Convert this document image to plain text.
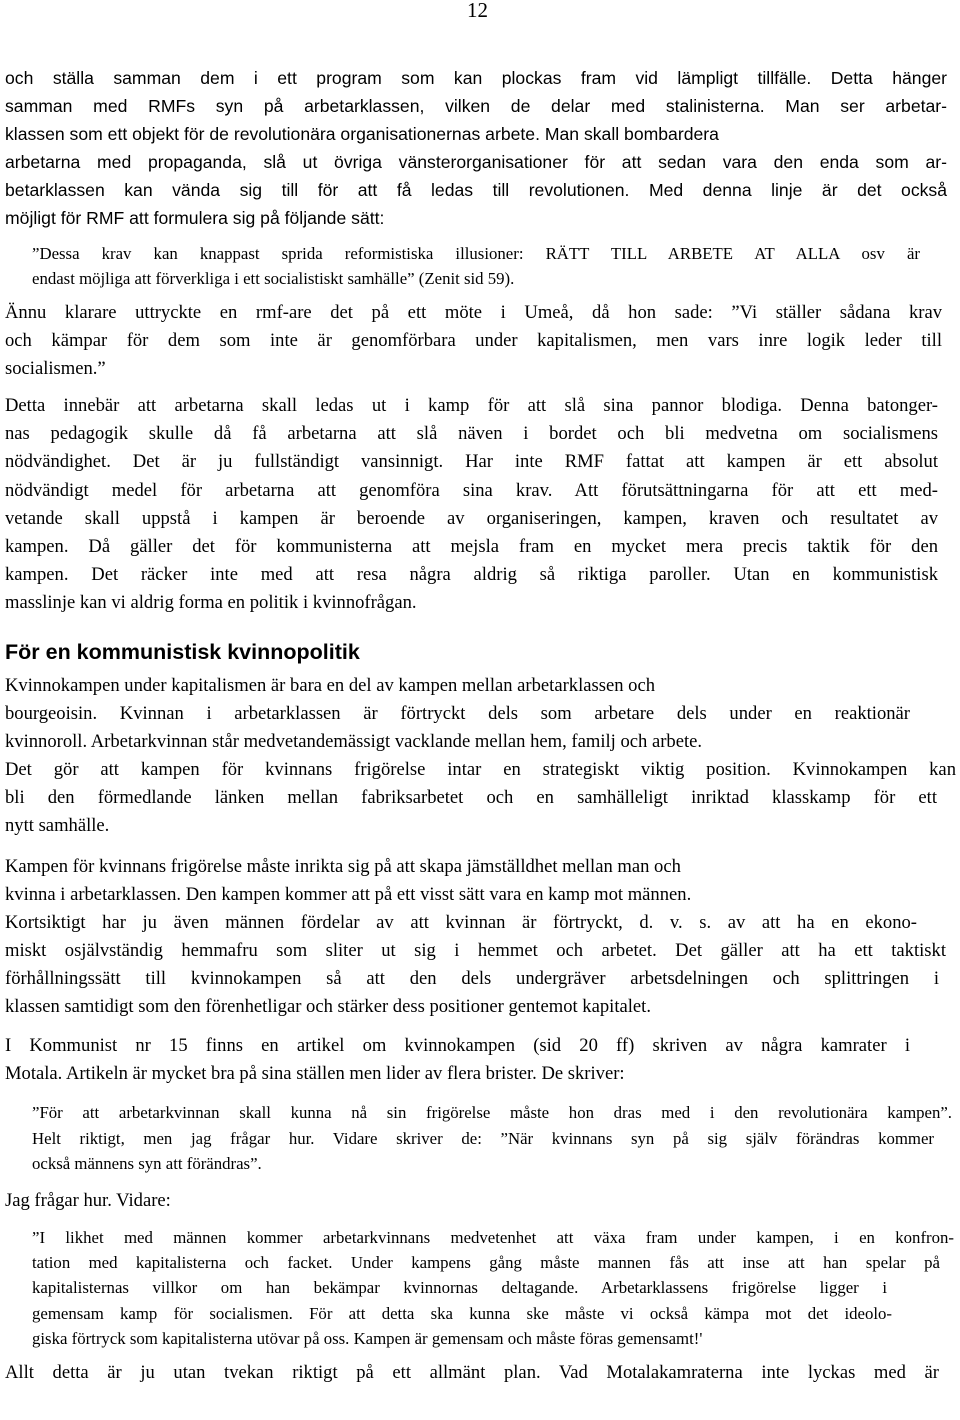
12
och ställa samman dem i ett program som kan plockas fram vid lämpligt tillfälle. Detta hänger
samman med RMFs syn på arbetarklassen, vilken de delar med stalinisterna. Man ser arbetar-
klassen som ett objekt för de revolutionära organisationernas arbete. Man skall bombardera
arbetarna med propaganda, slå ut övriga vänsterorganisationer för att sedan vara den enda som ar-
betarklassen kan vända sig till för att få ledas till revolutionen. Med denna linje är det också
möjligt för RMF att formulera sig på följande sätt:
”Dessa krav kan knappast sprida reformistiska illusioner: RÄTT TILL ARBETE AT ALLA osv är
endast möjliga att förverkliga i ett socialistiskt samhälle” (Zenit sid 59).
Ännu klarare uttryckte en rmf-are det på ett möte i Umeå, då hon sade: ”Vi ställer sådana krav
och kämpar för dem som inte är genomförbara under kapitalismen, men vars inre logik leder till
socialismen.”
Detta innebär att arbetarna skall ledas ut i kamp för att slå sina pannor blodiga. Denna batonger-
nas pedagogik skulle då få arbetarna att slå näven i bordet och bli medvetna om socialismens
nödvändighet. Det är ju fullständigt vansinnigt. Har inte RMF fattat att kampen är ett absolut
nödvändigt medel för arbetarna att genomföra sina krav. Att förutsättningarna för att ett med-
vetande skall uppstå i kampen är beroende av organiseringen, kampen, kraven och resultatet av
kampen. Då gäller det för kommunisterna att mejsla fram en mycket mera precis taktik för den
kampen. Det räcker inte med att resa några aldrig så riktiga paroller. Utan en kommunistisk
masslinje kan vi aldrig forma en politik i kvinnofrågan.
För en kommunistisk kvinnopolitik
Kvinnokampen under kapitalismen är bara en del av kampen mellan arbetarklassen och
bourgeoisin. Kvinnan i arbetarklassen är förtryckt dels som arbetare dels under en reaktionär
kvinnoroll. Arbetarkvinnan står medvetandemässigt vacklande mellan hem, familj och arbete.
Det gör att kampen för kvinnans frigörelse intar en strategiskt viktig position. Kvinnokampen kan
bli den förmedlande länken mellan fabriksarbetet och en samhälleligt inriktad klasskamp för ett
nytt samhälle.
Kampen för kvinnans frigörelse måste inrikta sig på att skapa jämställdhet mellan man och
kvinna i arbetarklassen. Den kampen kommer att på ett visst sätt vara en kamp mot männen.
Kortsiktigt har ju även männen fördelar av att kvinnan är förtryckt, d. v. s. av att ha en ekono-
miskt osjälvständig hemmafru som sliter ut sig i hemmet och arbetet. Det gäller att ha ett taktiskt
förhållningssätt till kvinnokampen så att den dels undergräver arbetsdelningen och splittringen i
klassen samtidigt som den förenhetligar och stärker dess positioner gentemot kapitalet.
I Kommunist nr 15 finns en artikel om kvinnokampen (sid 20 ff) skriven av några kamrater i
Motala. Artikeln är mycket bra på sina ställen men lider av flera brister. De skriver:
”För att arbetarkvinnan skall kunna nå sin frigörelse måste hon dras med i den revolutionära kampen”.
Helt riktigt, men jag frågar hur. Vidare skriver de: ”När kvinnans syn på sig själv förändras kommer
också männens syn att förändras”.
Jag frågar hur. Vidare:
”I likhet med männen kommer arbetarkvinnans medvetenhet att växa fram under kampen, i en konfron-
tation med kapitalisterna och facket. Under kampens gång måste mannen fås att inse att han spelar på
kapitalisternas villkor om han bekämpar kvinnornas deltagande. Arbetarklassens frigörelse ligger i
gemensam kamp för socialismen. För att detta ska kunna ske måste vi också kämpa mot det ideolo-
giska förtryck som kapitalisterna utövar på oss. Kampen är gemensam och måste föras gemensamt!'
Allt detta är ju utan tvekan riktigt på ett allmänt plan. Vad Motalakamraterna inte lyckas med är
